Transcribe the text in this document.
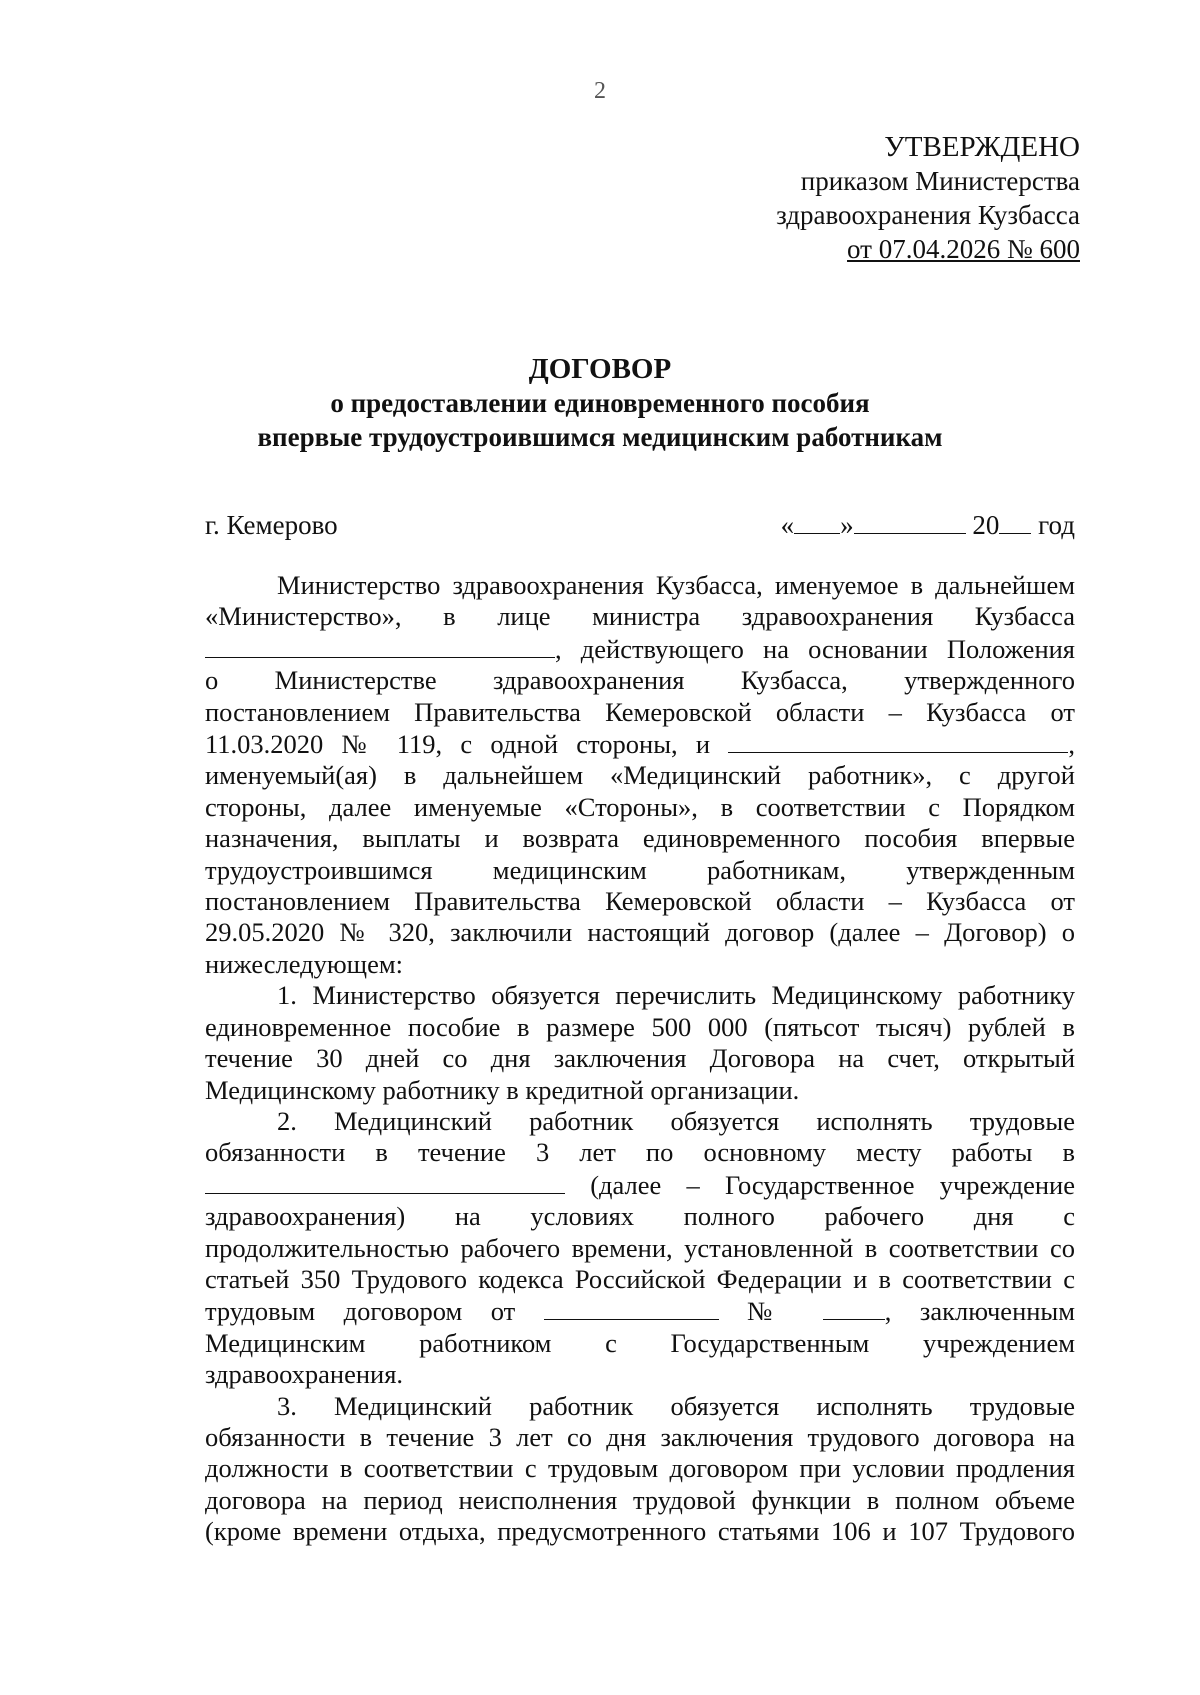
2
УТВЕРЖДЕНО
приказом Министерства
здравоохранения Кузбасса
от 07.04.2026 № 600
ДОГОВОР
о предоставлении единовременного пособия
впервые трудоустроившимся медицинским работникам
г. Кемерово	« »	20 год
Министерство здравоохранения Кузбасса, именуемое в дальнейшем
«Министерство», в лице министра здравоохранения Кузбасса
, действующего на основании Положения
о Министерстве здравоохранения Кузбасса, утвержденного
постановлением Правительства Кемеровской области – Кузбасса от
11.03.2020 № 119, с одной стороны, и	,
именуемый(ая) в дальнейшем «Медицинский работник», с другой
стороны, далее именуемые «Стороны», в соответствии с Порядком
назначения, выплаты и возврата единовременного пособия впервые
трудоустроившимся медицинским работникам, утвержденным
постановлением Правительства Кемеровской области – Кузбасса от
29.05.2020 № 320, заключили настоящий договор (далее – Договор) о
нижеследующем:
1. Министерство обязуется перечислить Медицинскому работнику
единовременное пособие в размере 500 000 (пятьсот тысяч) рублей в
течение 30 дней со дня заключения Договора на счет, открытый
Медицинскому работнику в кредитной организации.
2. Медицинский работник обязуется исполнять трудовые
обязанности в течение 3 лет по основному месту работы в
(далее – Государственное учреждение
здравоохранения) на условиях полного рабочего дня с
продолжительностью рабочего времени, установленной в соответствии со
статьей 350 Трудового кодекса Российской Федерации и в соответствии с
трудовым договором от	№	, заключенным
Медицинским работником с Государственным учреждением
здравоохранения.
3. Медицинский работник обязуется исполнять трудовые
обязанности в течение 3 лет со дня заключения трудового договора на
должности в соответствии с трудовым договором при условии продления
договора на период неисполнения трудовой функции в полном объеме
(кроме времени отдыха, предусмотренного статьями 106 и 107 Трудового
